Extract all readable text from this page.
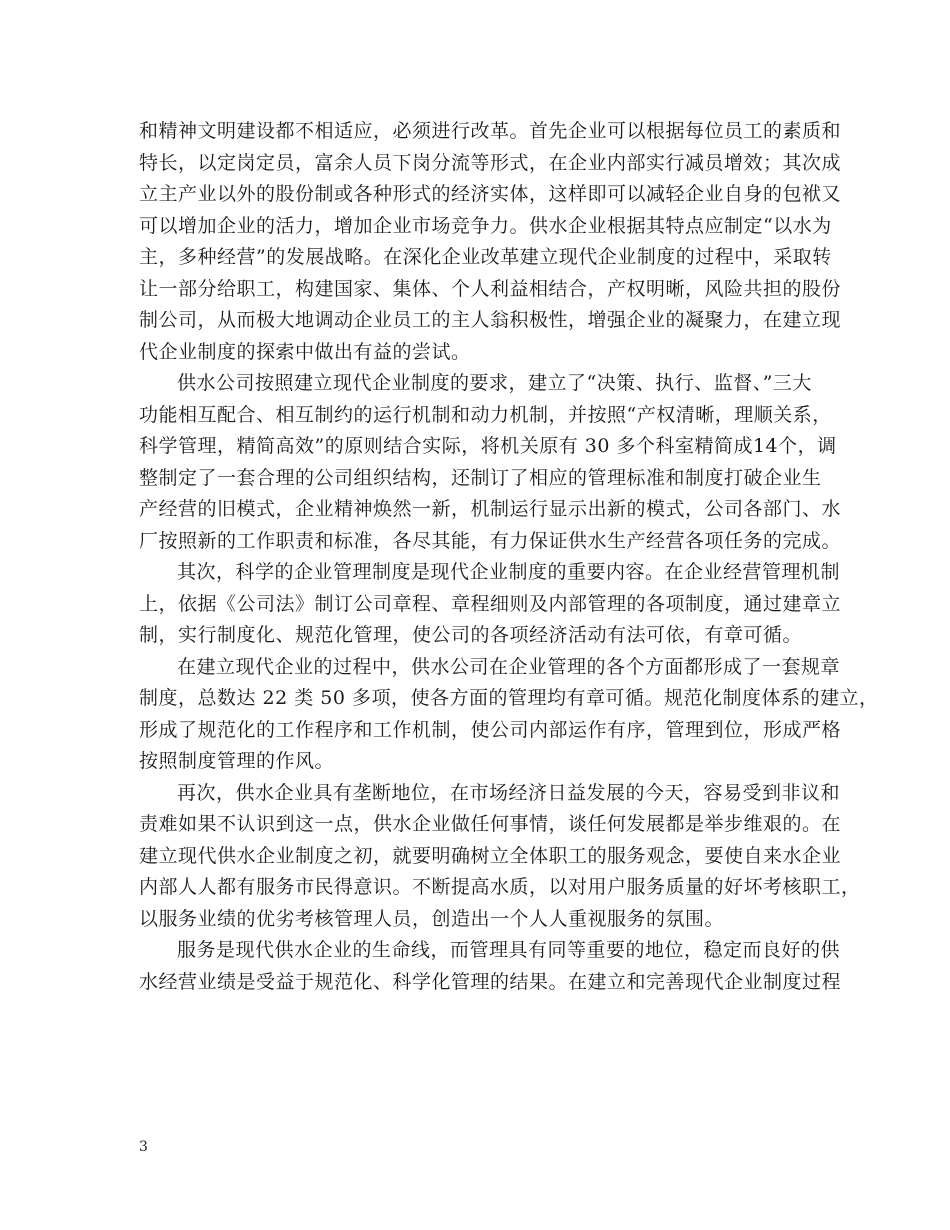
和精神文明建设都不相适应，必须进行改革。首先企业可以根据每位员工的素质和
特长，以定岗定员，富余人员下岗分流等形式，在企业内部实行减员增效；其次成
立主产业以外的股份制或各种形式的经济实体，这样即可以减轻企业自身的包袱又
可以增加企业的活力，增加企业市场竞争力。供水企业根据其特点应制定“以水为
主，多种经营”的发展战略。在深化企业改革建立现代企业制度的过程中，采取转
让一部分给职工，构建国家、集体、个人利益相结合，产权明晰，风险共担的股份
制公司，从而极大地调动企业员工的主人翁积极性，增强企业的凝聚力，在建立现
代企业制度的探索中做出有益的尝试。
供水公司按照建立现代企业制度的要求，建立了“决策、执行、监督、”三大
功能相互配合、相互制约的运行机制和动力机制，并按照“产权清晰，理顺关系，
科学管理，精简高效”的原则结合实际，将机关原有 30 多个科室精简成14个，调
整制定了一套合理的公司组织结构，还制订了相应的管理标准和制度打破企业生
产经营的旧模式，企业精神焕然一新，机制运行显示出新的模式，公司各部门、水
厂按照新的工作职责和标准，各尽其能，有力保证供水生产经营各项任务的完成。
其次，科学的企业管理制度是现代企业制度的重要内容。在企业经营管理机制
上，依据《公司法》制订公司章程、章程细则及内部管理的各项制度，通过建章立
制，实行制度化、规范化管理，使公司的各项经济活动有法可依，有章可循。
在建立现代企业的过程中，供水公司在企业管理的各个方面都形成了一套规章
制度，总数达 22 类 50 多项，使各方面的管理均有章可循。规范化制度体系的建立，
形成了规范化的工作程序和工作机制，使公司内部运作有序，管理到位，形成严格
按照制度管理的作风。
再次，供水企业具有垄断地位，在市场经济日益发展的今天，容易受到非议和
责难如果不认识到这一点，供水企业做任何事情，谈任何发展都是举步维艰的。在
建立现代供水企业制度之初，就要明确树立全体职工的服务观念，要使自来水企业
内部人人都有服务市民得意识。不断提高水质，以对用户服务质量的好坏考核职工，
以服务业绩的优劣考核管理人员，创造出一个人人重视服务的氛围。
服务是现代供水企业的生命线，而管理具有同等重要的地位，稳定而良好的供
水经营业绩是受益于规范化、科学化管理的结果。在建立和完善现代企业制度过程
3
